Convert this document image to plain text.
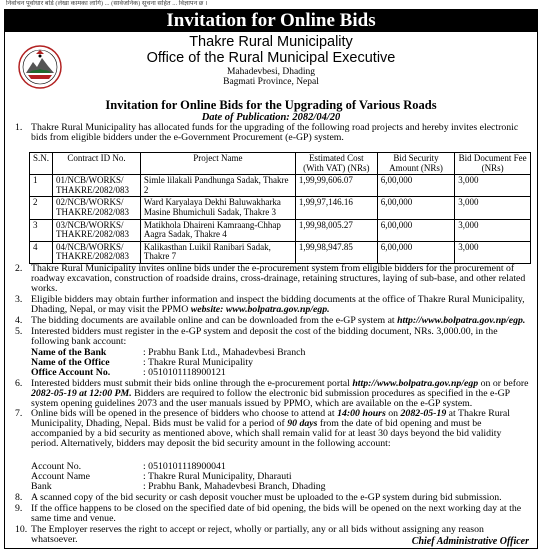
निर्वाचन पूर्वाधार बोर्ड (लेखा कामका लागि) ... (सार्वजनिक) सूचना सहित ... विज्ञापन छ ।
Invitation for Online Bids
Thakre Rural Municipality
Office of the Rural Municipal Executive
Mahadevbesi, Dhading
Bagmati Province, Nepal
Invitation for Online Bids for the Upgrading of Various Roads
Date of Publication: 2082/04/20
1. Thakre Rural Municipality has allocated funds for the upgrading of the following road projects and hereby invites electronic bids from eligible bidders under the e-Government Procurement (e-GP) system.
S.N.	Contract ID No.	Project Name	Estimated Cost (With VAT) (NRs)	Bid Security Amount (NRs)	Bid Document Fee (NRs)
1	01/NCB/WORKS/ THAKRE/2082/083	Simle lilakali Pandhunga Sadak, Thakre 2	1,99,99,606.07	6,00,000	3,000
2	02/NCB/WORKS/ THAKRE/2082/083	Ward Karyalaya Dekhi Baluwakharka Masine Bhumichuli Sadak, Thakre 3	1,99,97,146.16	6,00,000	3,000
3	03/NCB/WORKS/ THAKRE/2082/083	Matikhola Dhaireni Kamraang-Chhap Aagra Sadak, Thakre 4	1,99,98,005.27	6,00,000	3,000
4	04/NCB/WORKS/ THAKRE/2082/083	Kalikasthan Luikil Ranibari Sadak, Thakre 7	1,99,98,947.85	6,00,000	3,000
2. Thakre Rural Municipality invites online bids under the e-procurement system from eligible bidders for the procurement of roadway excavation, construction of roadside drains, cross-drainage, retaining structures, laying of sub-base, and other related works.
3. Eligible bidders may obtain further information and inspect the bidding documents at the office of Thakre Rural Municipality, Dhading, Nepal, or may visit the PPMO website: www.bolpatra.gov.np/egp.
4. The bidding documents are available online and can be downloaded from the e-GP system at http://www.bolpatra.gov.np/egp.
5. Interested bidders must register in the e-GP system and deposit the cost of the bidding document, NRs. 3,000.00, in the following bank account:
Name of the Bank	: Prabhu Bank Ltd., Mahadevbesi Branch
Name of the Office	: Thakre Rural Municipality
Office Account No.	: 0510101118900121
6. Interested bidders must submit their bids online through the e-procurement portal http://www.bolpatra.gov.np/egp on or before 2082-05-19 at 12:00 PM. Bidders are required to follow the electronic bid submission procedures as specified in the e-GP system opening guidelines 2073 and the user manuals issued by PPMO, which are available on the e-GP system.
7. Online bids will be opened in the presence of bidders who choose to attend at 14:00 hours on 2082-05-19 at Thakre Rural Municipality, Dhading, Nepal. Bids must be valid for a period of 90 days from the date of bid opening and must be accompanied by a bid security as mentioned above, which shall remain valid for at least 30 days beyond the bid validity period. Alternatively, bidders may deposit the bid security amount in the following account:
Account No.	: 0510101118900041
Account Name	: Thakre Rural Municipality, Dharauti
Bank	: Prabhu Bank, Mahadevbesi Branch, Dhading
8. A scanned copy of the bid security or cash deposit voucher must be uploaded to the e-GP system during bid submission.
9. If the office happens to be closed on the specified date of bid opening, the bids will be opened on the next working day at the same time and venue.
10. The Employer reserves the right to accept or reject, wholly or partially, any or all bids without assigning any reason whatsoever.	Chief Administrative Officer
